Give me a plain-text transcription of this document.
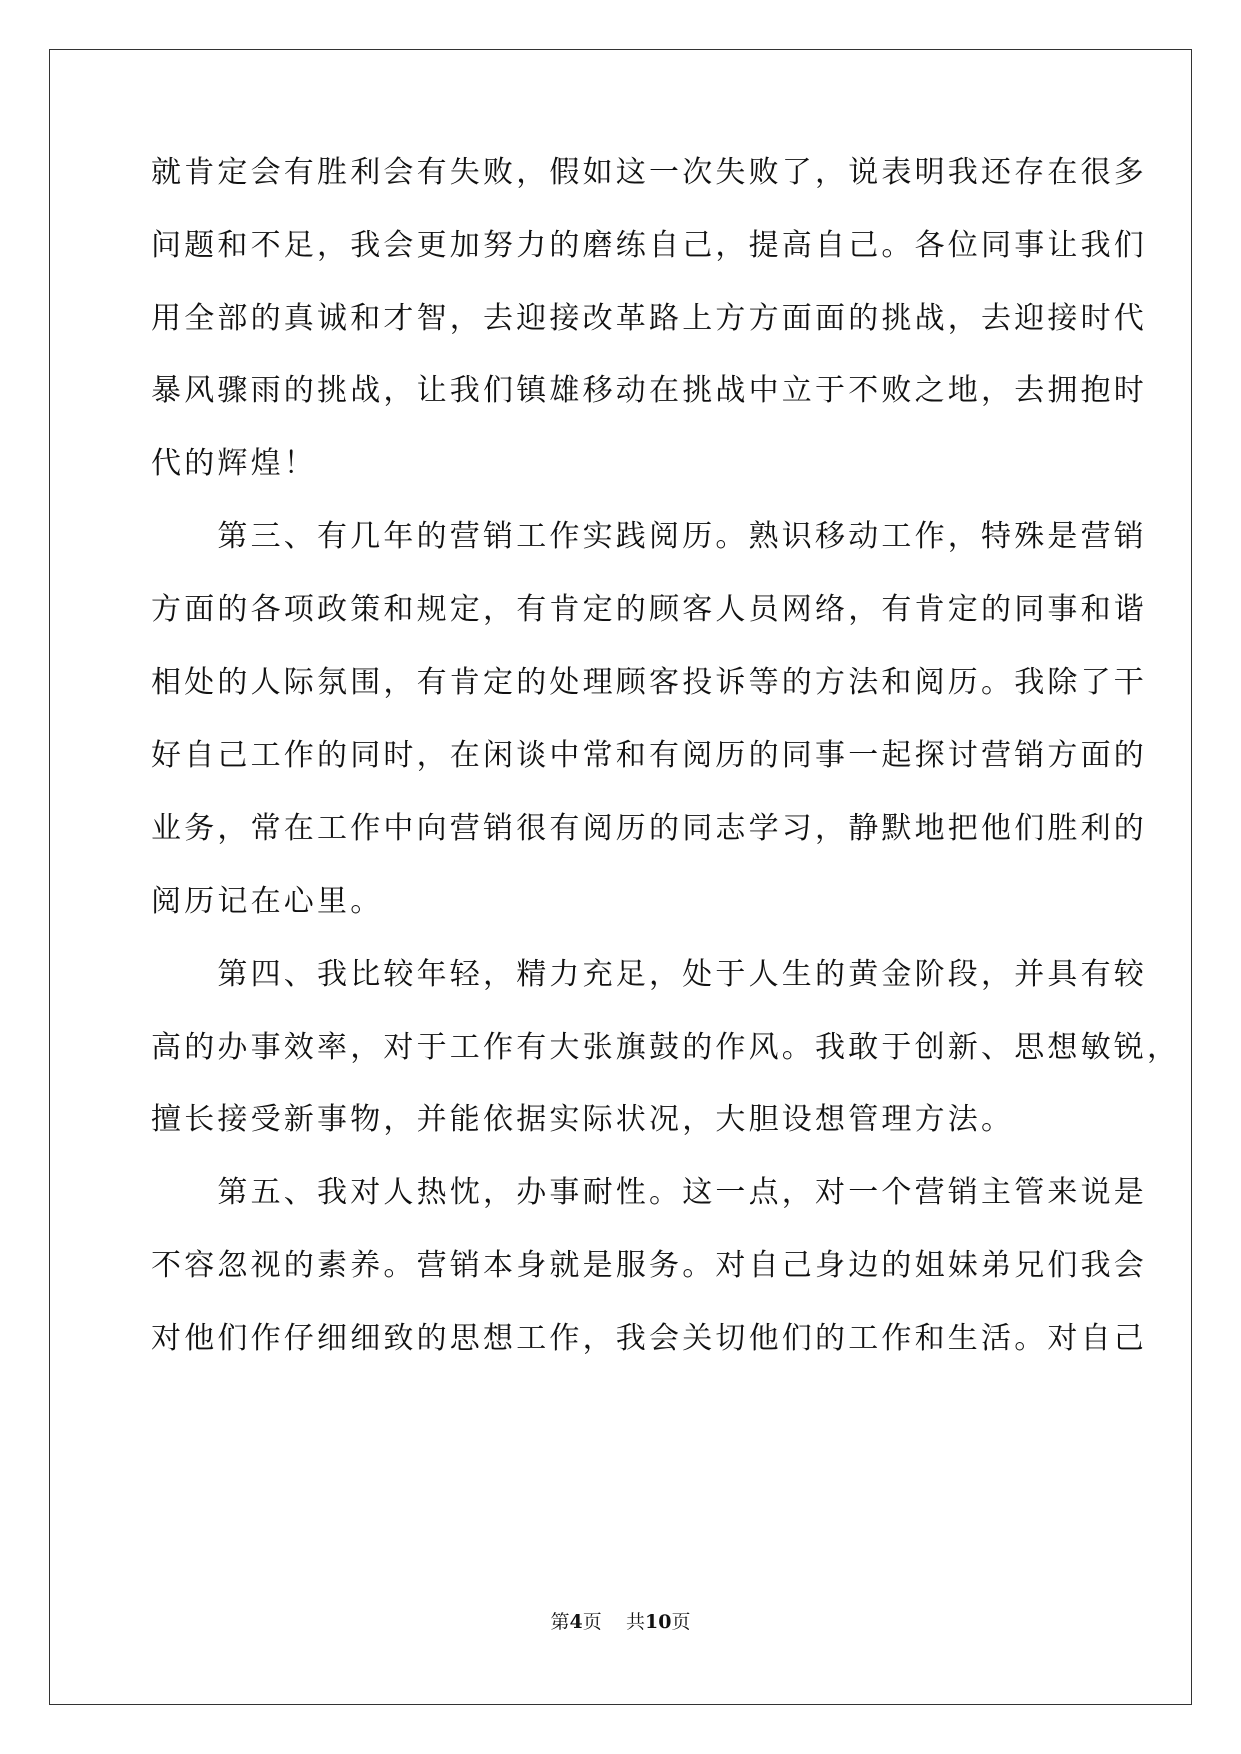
就肯定会有胜利会有失败，假如这一次失败了，说表明我还存在很多

问题和不足，我会更加努力的磨练自己，提高自己。各位同事让我们

用全部的真诚和才智，去迎接改革路上方方面面的挑战，去迎接时代

暴风骤雨的挑战，让我们镇雄移动在挑战中立于不败之地，去拥抱时

代的辉煌！

　　第三、有几年的营销工作实践阅历。熟识移动工作，特殊是营销

方面的各项政策和规定，有肯定的顾客人员网络，有肯定的同事和谐

相处的人际氛围，有肯定的处理顾客投诉等的方法和阅历。我除了干

好自己工作的同时，在闲谈中常和有阅历的同事一起探讨营销方面的

业务，常在工作中向营销很有阅历的同志学习，静默地把他们胜利的

阅历记在心里。

　　第四、我比较年轻，精力充足，处于人生的黄金阶段，并具有较

高的办事效率，对于工作有大张旗鼓的作风。我敢于创新、思想敏锐，

擅长接受新事物，并能依据实际状况，大胆设想管理方法。

　　第五、我对人热忱，办事耐性。这一点，对一个营销主管来说是

不容忽视的素养。营销本身就是服务。对自己身边的姐妹弟兄们我会

对他们作仔细细致的思想工作，我会关切他们的工作和生活。对自己

第4页 共10页
